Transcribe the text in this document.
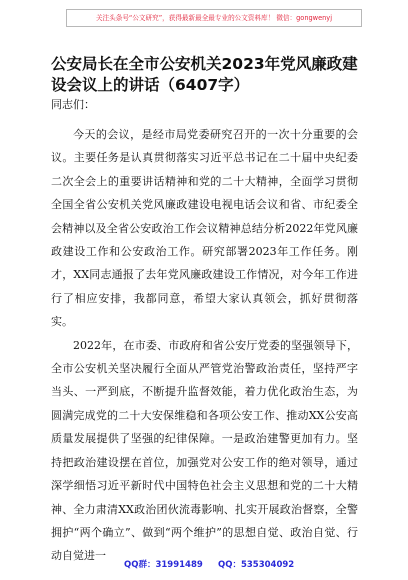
关注头条号“公文研究”，获得最新最全最专业的公文资料库！ 微信：gongwenyj
公安局长在全市公安机关2023年党风廉政建设会议上的讲话（6407字）

同志们：

今天的会议，是经市局党委研究召开的一次十分重要的会议。主要任务是认真贯彻落实习近平总书记在二十届中央纪委二次全会上的重要讲话精神和党的二十大精神，全面学习贯彻全国全省公安机关党风廉政建设电视电话会议和省、市纪委全会精神以及全省公安政治工作会议精神总结分析2022年党风廉政建设工作和公安政治工作。研究部署2023年工作任务。刚才，XX同志通报了去年党风廉政建设工作情况，对今年工作进行了相应安排，我都同意，希望大家认真领会，抓好贯彻落实。

2022年，在市委、市政府和省公安厅党委的坚强领导下，全市公安机关坚决履行全面从严管党治警政治责任，坚持严字当头、一严到底，不断提升监督效能，着力优化政治生态，为圆满完成党的二十大安保维稳和各项公安工作、推动XX公安高质量发展提供了坚强的纪律保障。一是政治建警更加有力。坚持把政治建设摆在首位，加强党对公安工作的绝对领导，通过深学细悟习近平新时代中国特色社会主义思想和党的二十大精神、全力肃清XX政治团伙流毒影响、扎实开展政治督察，全警拥护“两个确立”、做到“两个维护”的思想自觉、政治自觉、行动自觉进一

QQ群：31991489 QQ：535304092
